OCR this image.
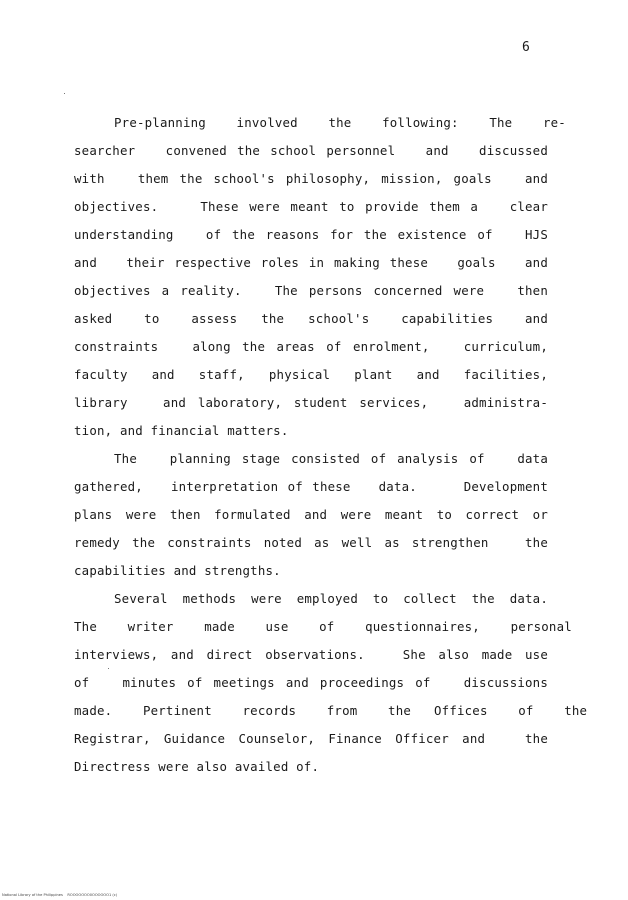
6
Pre-planning    involved    the    following:    The    re-
searcher   convened the school personnel   and   discussed
with   them the school's philosophy, mission, goals   and
objectives.    These were meant to provide them a   clear
understanding   of the reasons for the existence of   HJS
and   their respective roles in making these   goals   and
objectives a reality.   The persons concerned were   then
asked    to    assess   the   school's    capabilities    and
constraints   along the areas of enrolment,   curriculum,
faculty   and   staff,   physical   plant   and   facilities,
library   and laboratory, student services,   administra-
tion, and financial matters.
The   planning stage consisted of analysis of   data
gathered,   interpretation of these   data.     Development
plans were then formulated and were meant to correct or
remedy the constraints noted as well as strengthen   the
capabilities and strengths.
Several methods were employed to collect the data.
The    writer    made    use    of    questionnaires,    personal
interviews, and direct observations.   She also made use
of   minutes of meetings and proceedings of   discussions
made.    Pertinent    records    from    the   Offices    of    the
Registrar, Guidance Counselor, Finance Officer and   the
Directress were also availed of.
National Library of the Philippines    ROOOOOOO0OOOOOO1 (c)
